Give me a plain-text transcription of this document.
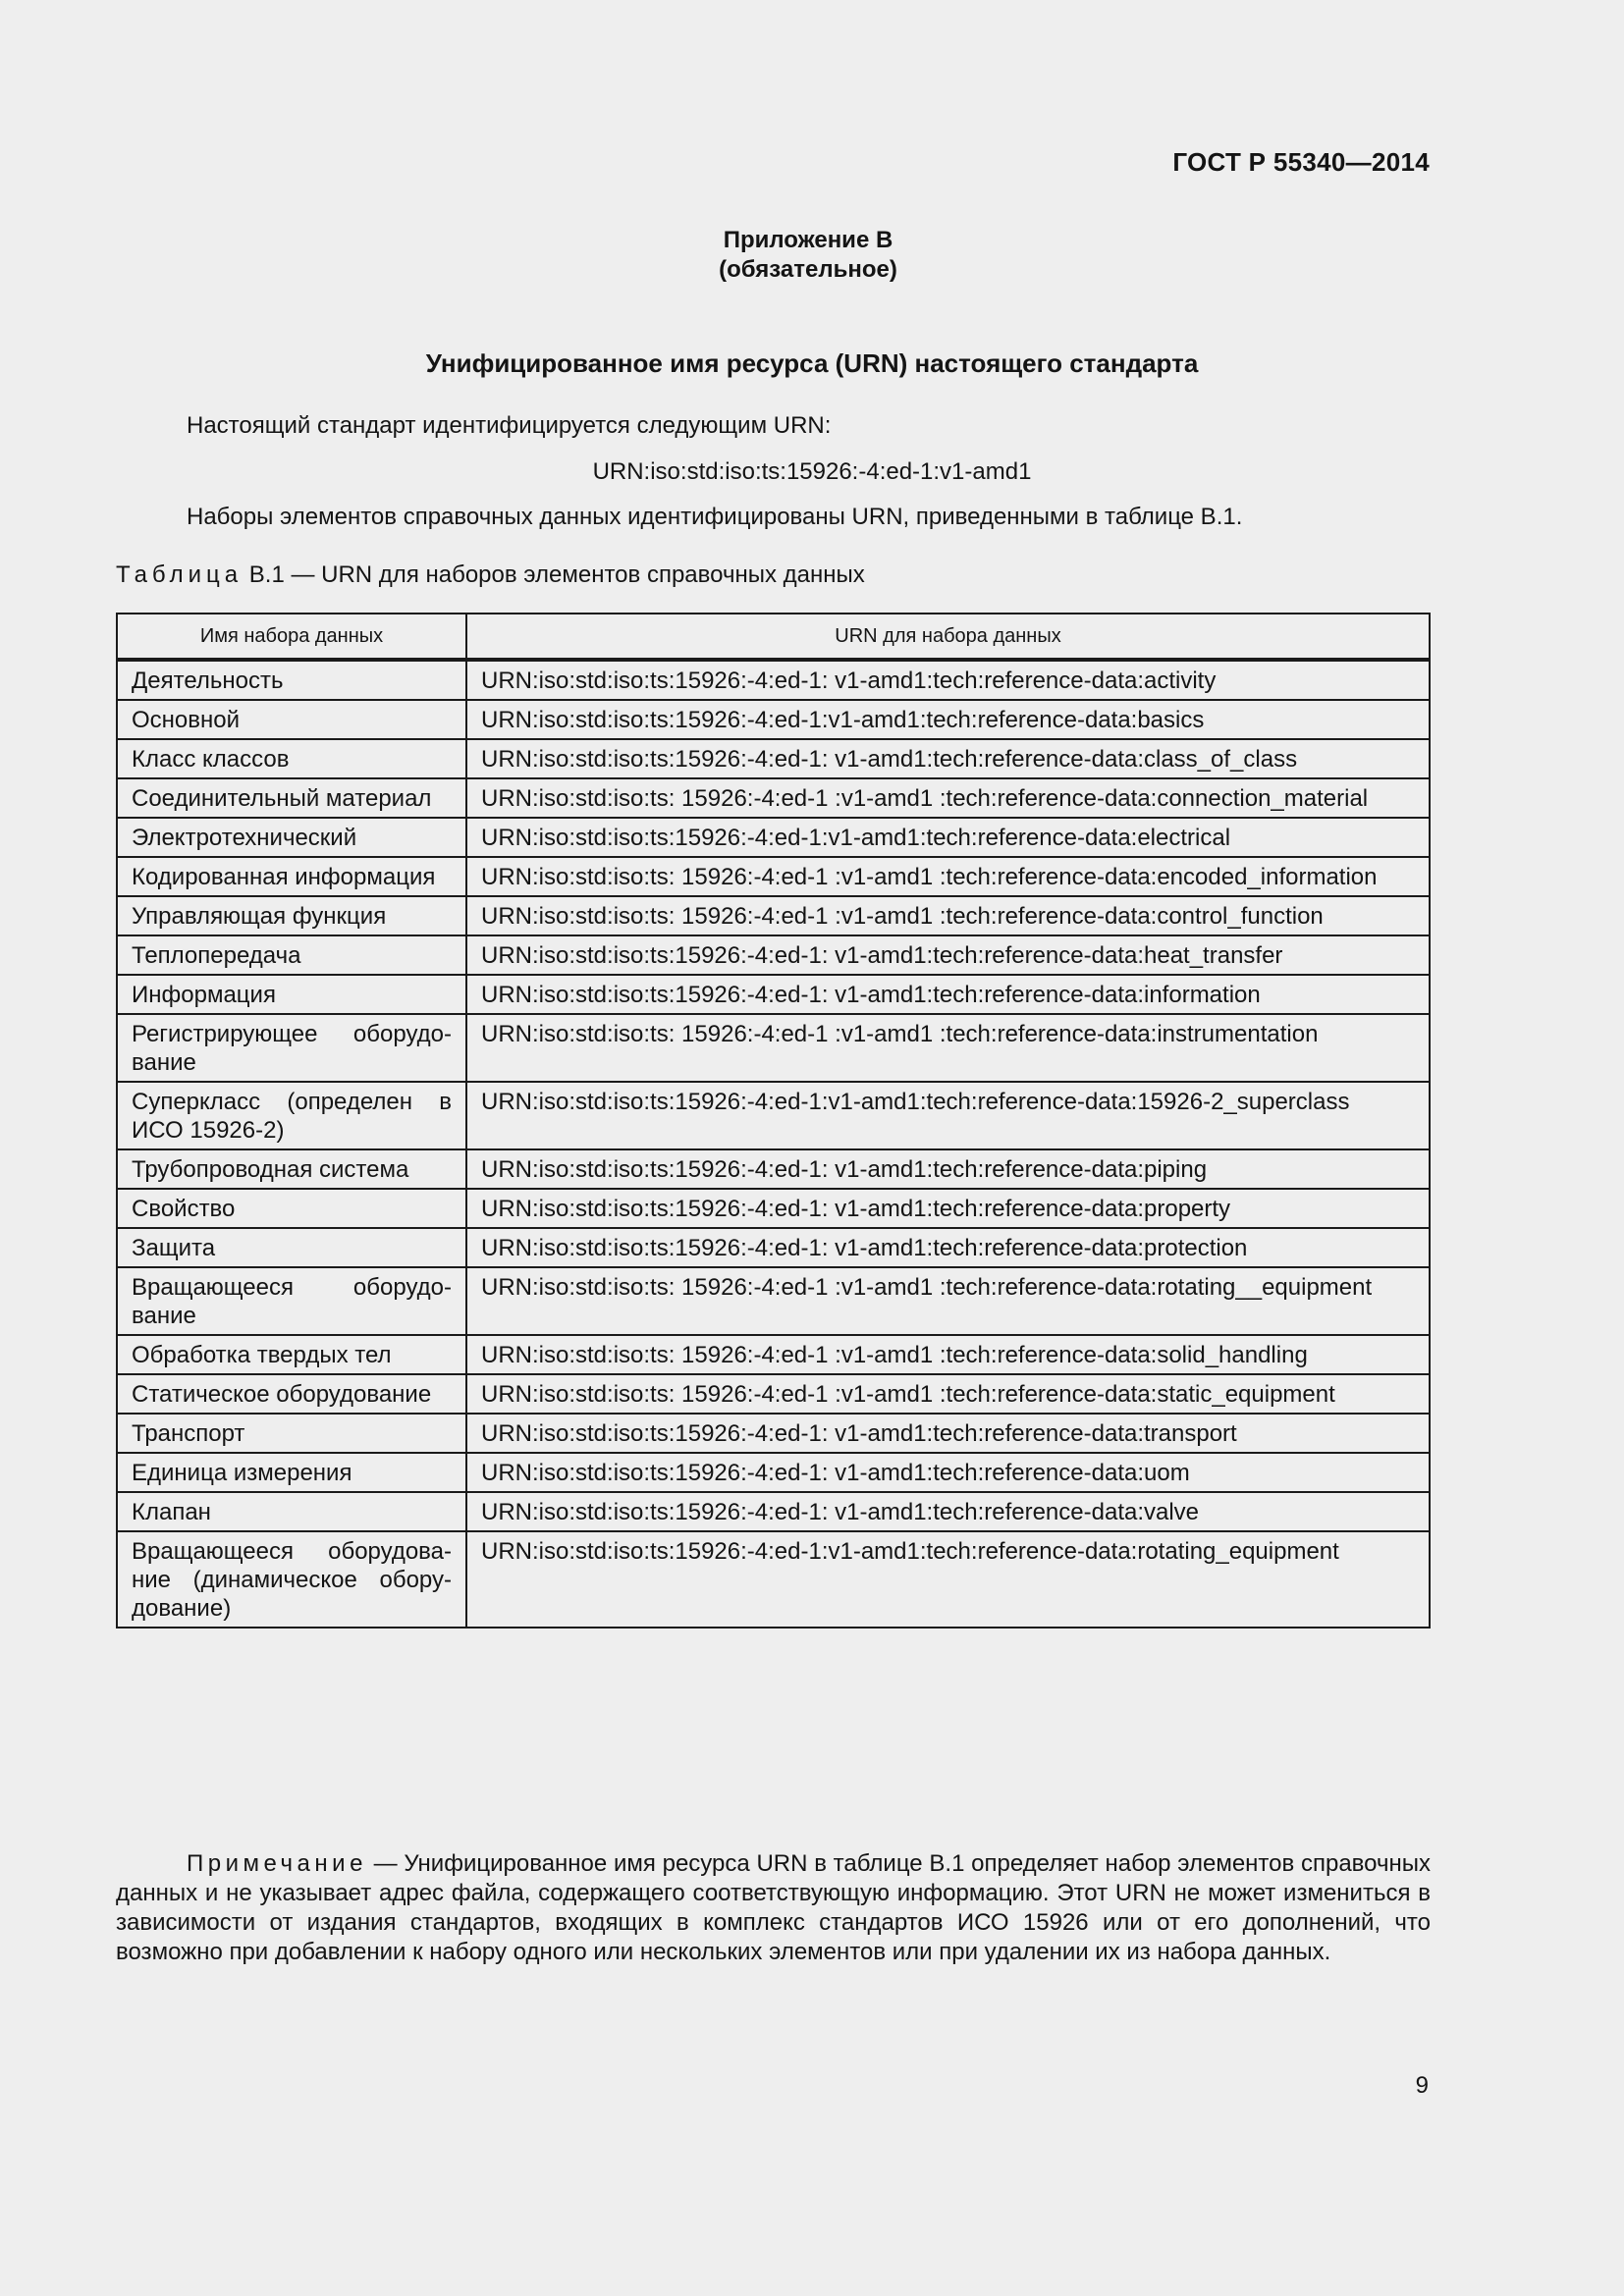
ГОСТ Р 55340—2014
Приложение В
(обязательное)
Унифицированное имя ресурса (URN) настоящего стандарта
Настоящий стандарт идентифицируется следующим URN:
URN:iso:std:iso:ts:15926:-4:ed-1:v1-amd1
Наборы элементов справочных данных идентифицированы URN, приведенными в таблице В.1.
Таблица В.1 — URN для наборов элементов справочных данных
Имя набора данных	URN для набора данных
Деятельность	URN:iso:std:iso:ts:15926:-4:ed-1: v1-amd1:tech:reference-data:activity
Основной	URN:iso:std:iso:ts:15926:-4:ed-1:v1-amd1:tech:reference-data:basics
Класс классов	URN:iso:std:iso:ts:15926:-4:ed-1: v1-amd1:tech:reference-data:class_of_class
Соединительный материал	URN:iso:std:iso:ts: 15926:-4:ed-1 :v1-amd1 :tech:reference-data:connection_material
Электротехнический	URN:iso:std:iso:ts:15926:-4:ed-1:v1-amd1:tech:reference-data:electrical
Кодированная информация	URN:iso:std:iso:ts: 15926:-4:ed-1 :v1-amd1 :tech:reference-data:encoded_information
Управляющая функция	URN:iso:std:iso:ts: 15926:-4:ed-1 :v1-amd1 :tech:reference-data:control_function
Теплопередача	URN:iso:std:iso:ts:15926:-4:ed-1: v1-amd1:tech:reference-data:heat_transfer
Информация	URN:iso:std:iso:ts:15926:-4:ed-1: v1-amd1:tech:reference-data:information
Регистрирующее оборудо-вание	URN:iso:std:iso:ts: 15926:-4:ed-1 :v1-amd1 :tech:reference-data:instrumentation
Суперкласс (определен в ИСО 15926-2)	URN:iso:std:iso:ts:15926:-4:ed-1:v1-amd1:tech:reference-data:15926-2_superclass
Трубопроводная система	URN:iso:std:iso:ts:15926:-4:ed-1: v1-amd1:tech:reference-data:piping
Свойство	URN:iso:std:iso:ts:15926:-4:ed-1: v1-amd1:tech:reference-data:property
Защита	URN:iso:std:iso:ts:15926:-4:ed-1: v1-amd1:tech:reference-data:protection
Вращающееся оборудо-вание	URN:iso:std:iso:ts: 15926:-4:ed-1 :v1-amd1 :tech:reference-data:rotating__equipment
Обработка твердых тел	URN:iso:std:iso:ts: 15926:-4:ed-1 :v1-amd1 :tech:reference-data:solid_handling
Статическое оборудование	URN:iso:std:iso:ts: 15926:-4:ed-1 :v1-amd1 :tech:reference-data:static_equipment
Транспорт	URN:iso:std:iso:ts:15926:-4:ed-1: v1-amd1:tech:reference-data:transport
Единица измерения	URN:iso:std:iso:ts:15926:-4:ed-1: v1-amd1:tech:reference-data:uom
Клапан	URN:iso:std:iso:ts:15926:-4:ed-1: v1-amd1:tech:reference-data:valve
Вращающееся оборудова-ние (динамическое обору-дование)	URN:iso:std:iso:ts:15926:-4:ed-1:v1-amd1:tech:reference-data:rotating_equipment
Примечание — Унифицированное имя ресурса URN в таблице В.1 определяет набор элементов справочных данных и не указывает адрес файла, содержащего соответствующую информацию. Этот URN не может измениться в зависимости от издания стандартов, входящих в комплекс стандартов ИСО 15926 или от его дополнений, что возможно при добавлении к набору одного или нескольких элементов или при удалении их из набора данных.
9
